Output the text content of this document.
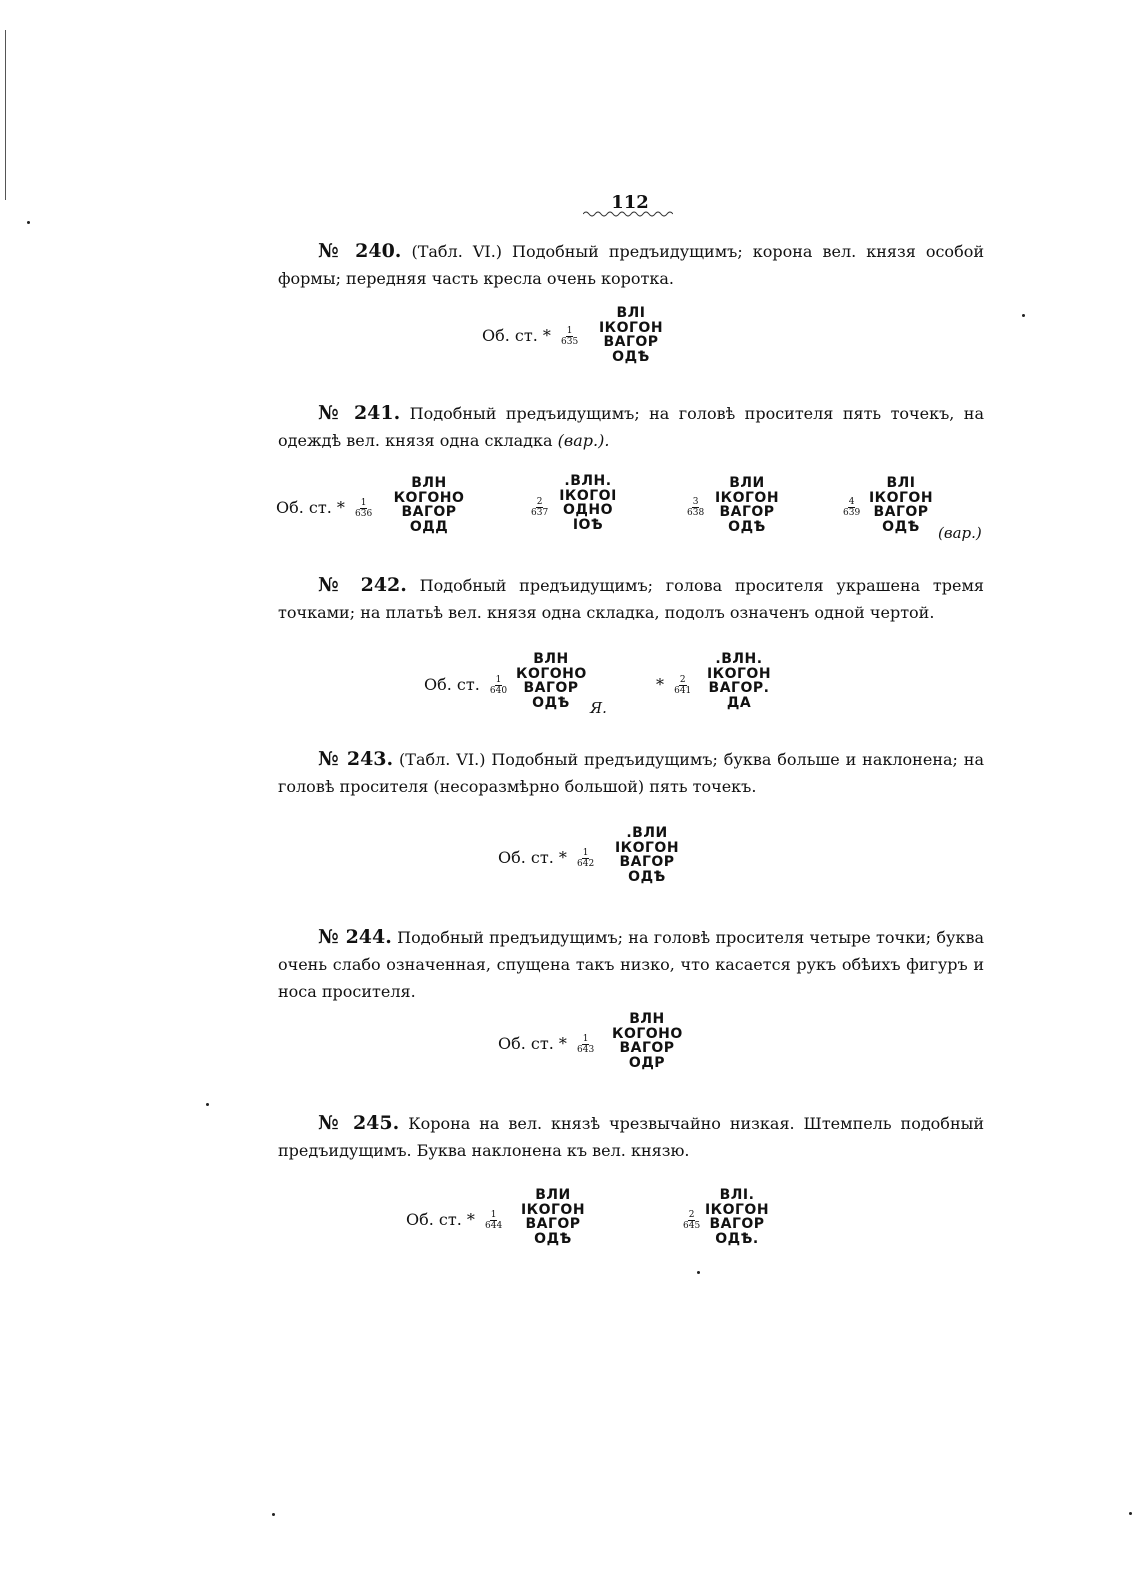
112
№ 240. (Табл. VI.) Подобный предъидущимъ; корона вел. князя особой формы; передняя часть кресла очень коротка.
Об. ст. * $\frac{1}{635}$
ВЛІ
ІКОГОН
ВАГОР
ОДѢ
№ 241. Подобный предъидущимъ; на головѣ просителя пять точекъ, на одеждѣ вел. князя одна складка (вар.).
Об. ст. * $\frac{1}{636}$
ВЛН
КОГОНО
ВАГОР
ОДД
$\frac{2}{637}$
.ВЛН.
ІКОГОІ
ОДНО
ІОѢ
$\frac{3}{638}$
ВЛИ
ІКОГОН
ВАГОР
ОДѢ
$\frac{4}{639}$
ВЛІ
ІКОГОН
ВАГОР
ОДѢ	(вар.)
№ 242. Подобный предъидущимъ; голова просителя украшена тремя точками; на платьѣ вел. князя одна складка, подолъ означенъ одной чертой.
Об. ст. $\frac{1}{640}$
ВЛН
КОГОНО
ВАГОР
ОДѢ	Я.
* $\frac{2}{641}$
.ВЛН.
ІКОГОН
ВАГОР.
ДА
№ 243. (Табл. VI.) Подобный предъидущимъ; буква больше и наклонена; на головѣ просителя (несоразмѣрно большой) пять точекъ.
Об. ст. * $\frac{1}{642}$
.ВЛИ
ІКОГОН
ВАГОР
ОДѢ
№ 244. Подобный предъидущимъ; на головѣ просителя четыре точки; буква очень слабо означенная, спущена такъ низко, что касается рукъ обѣихъ фигуръ и носа просителя.
Об. ст. * $\frac{1}{643}$
ВЛН
КОГОНО
ВАГОР
ОДР
№ 245. Корона на вел. князѣ чрезвычайно низкая. Штемпель подобный предъидущимъ. Буква наклонена къ вел. князю.
Об. ст. * $\frac{1}{644}$
ВЛИ
ІКОГОН
ВАГОР
ОДѢ
$\frac{2}{645}$
ВЛІ.
ІКОГОН
ВАГОР
ОДѢ.
